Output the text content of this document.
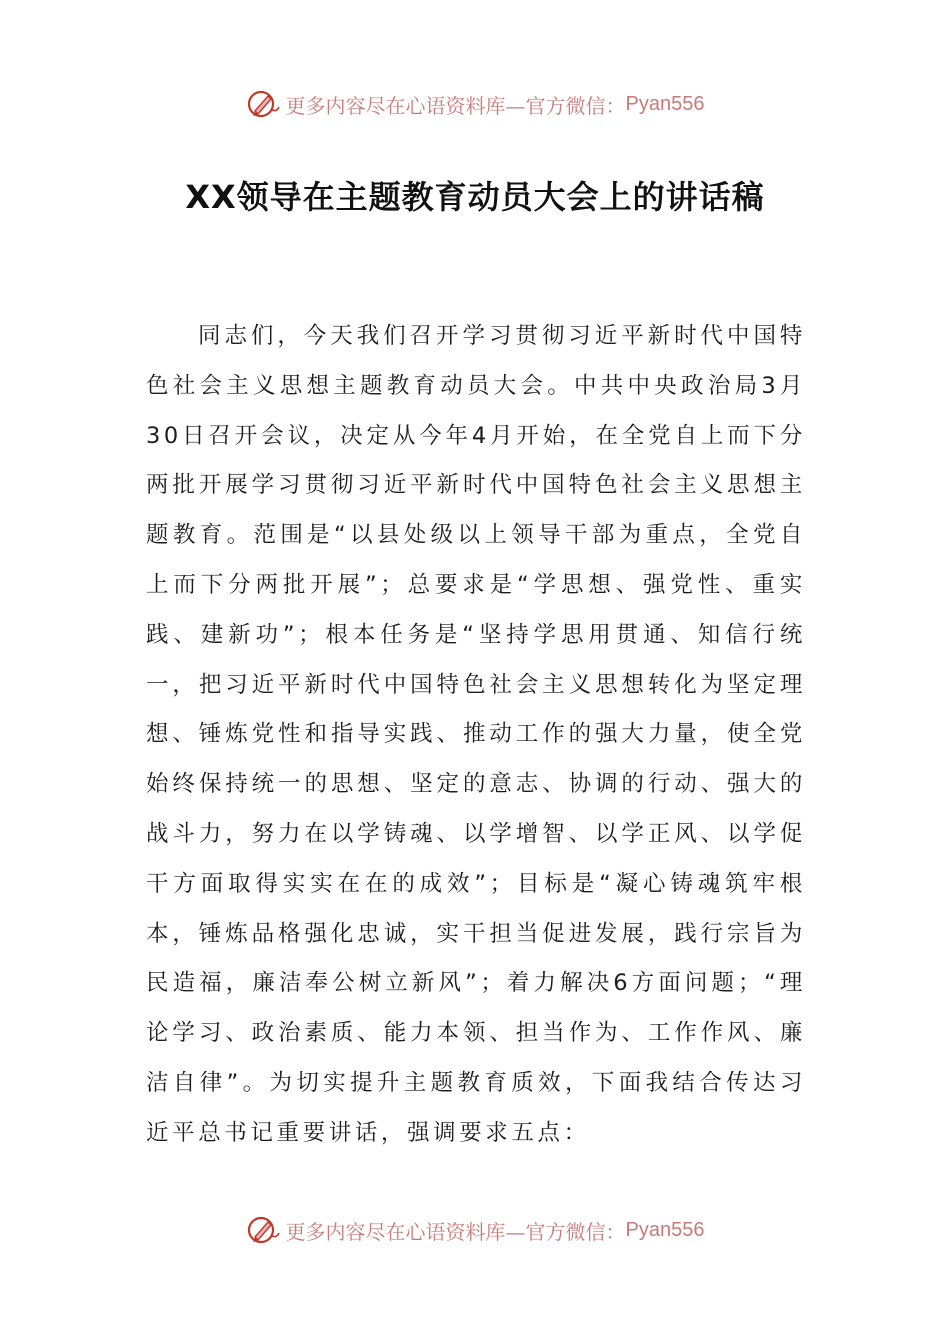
更多内容尽在心语资料库—官方微信： Pyan556
XX领导在主题教育动员大会上的讲话稿

同志们，今天我们召开学习贯彻习近平新时代中国特色社会主义思想主题教育动员大会。中共中央政治局3月30日召开会议，决定从今年4月开始，在全党自上而下分两批开展学习贯彻习近平新时代中国特色社会主义思想主题教育。范围是“以县处级以上领导干部为重点，全党自上而下分两批开展”；总要求是“学思想、强党性、重实践、建新功”；根本任务是“坚持学思用贯通、知信行统一，把习近平新时代中国特色社会主义思想转化为坚定理想、锤炼党性和指导实践、推动工作的强大力量，使全党始终保持统一的思想、坚定的意志、协调的行动、强大的战斗力，努力在以学铸魂、以学增智、以学正风、以学促干方面取得实实在在的成效”；目标是“凝心铸魂筑牢根本，锤炼品格强化忠诚，实干担当促进发展，践行宗旨为民造福，廉洁奉公树立新风”；着力解决6方面问题；“理论学习、政治素质、能力本领、担当作为、工作作风、廉洁自律”。为切实提升主题教育质效，下面我结合传达习近平总书记重要讲话，强调要求五点：

更多内容尽在心语资料库—官方微信： Pyan556
